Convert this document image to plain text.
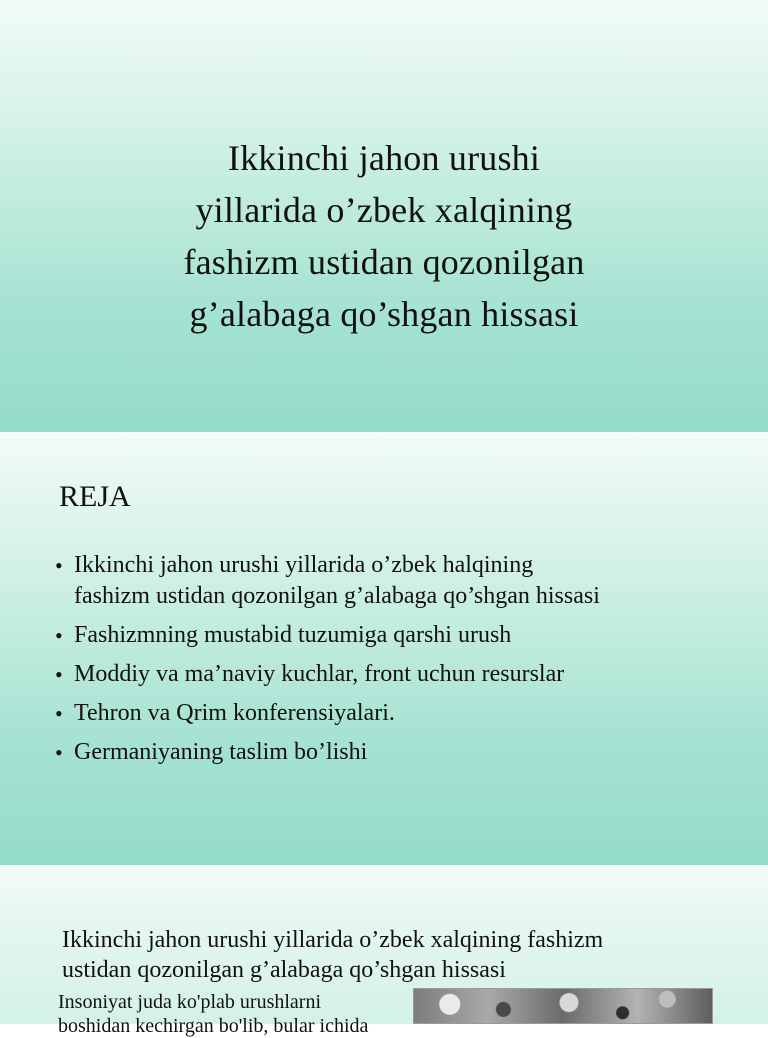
Ikkinchi jahon urushi
yillarida o’zbek xalqining
fashizm ustidan qozonilgan
g’alabaga qo’shgan hissasi
REJA
• Ikkinchi jahon urushi yillarida o’zbek halqining
fashizm ustidan qozonilgan g’alabaga qo’shgan hissasi
• Fashizmning mustabid tuzumiga qarshi urush
• Moddiy va ma’naviy kuchlar, front uchun resurslar
• Tehron va Qrim konferensiyalari.
• Germaniyaning taslim bo’lishi
Ikkinchi jahon urushi yillarida o’zbek xalqining fashizm
ustidan qozonilgan g’alabaga qo’shgan hissasi
Insoniyat juda ko'plab urushlarni
boshidan kechirgan bo'lib, bular ichida
